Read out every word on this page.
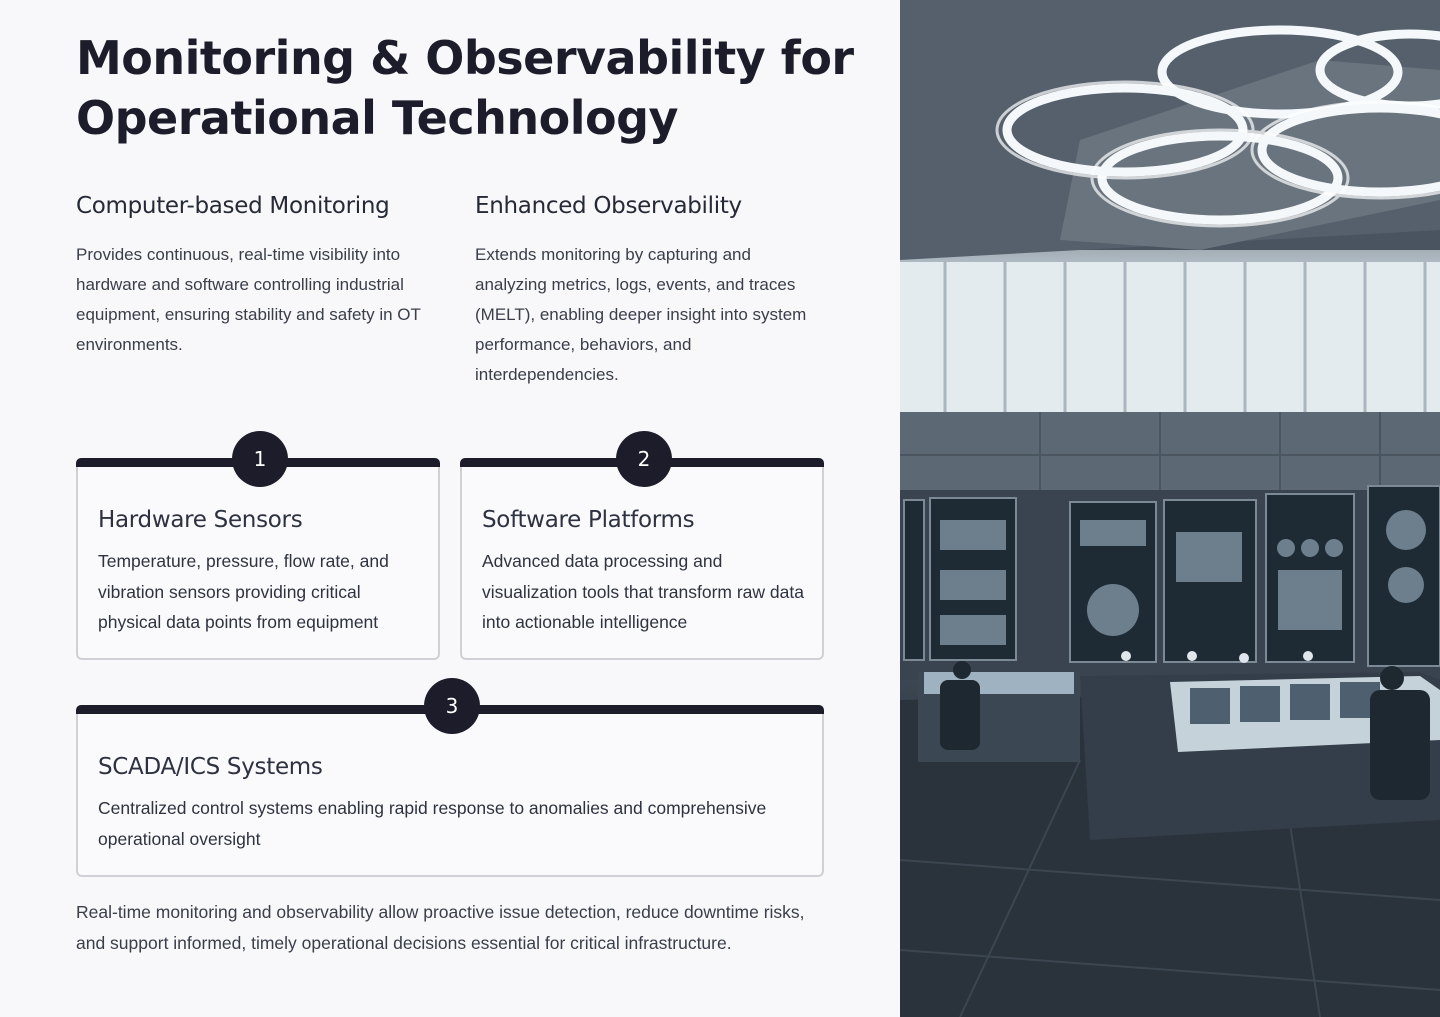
Monitoring & Observability for Operational Technology
Computer-based Monitoring

Provides continuous, real-time visibility into hardware and software controlling industrial equipment, ensuring stability and safety in OT environments.

Enhanced Observability

Extends monitoring by capturing and analyzing metrics, logs, events, and traces (MELT), enabling deeper insight into system performance, behaviors, and interdependencies.

1
Hardware Sensors

Temperature, pressure, flow rate, and vibration sensors providing critical physical data points from equipment

2
Software Platforms

Advanced data processing and visualization tools that transform raw data into actionable intelligence

3
SCADA/ICS Systems

Centralized control systems enabling rapid response to anomalies and comprehensive operational oversight

Real-time monitoring and observability allow proactive issue detection, reduce downtime risks, and support informed, timely operational decisions essential for critical infrastructure.
